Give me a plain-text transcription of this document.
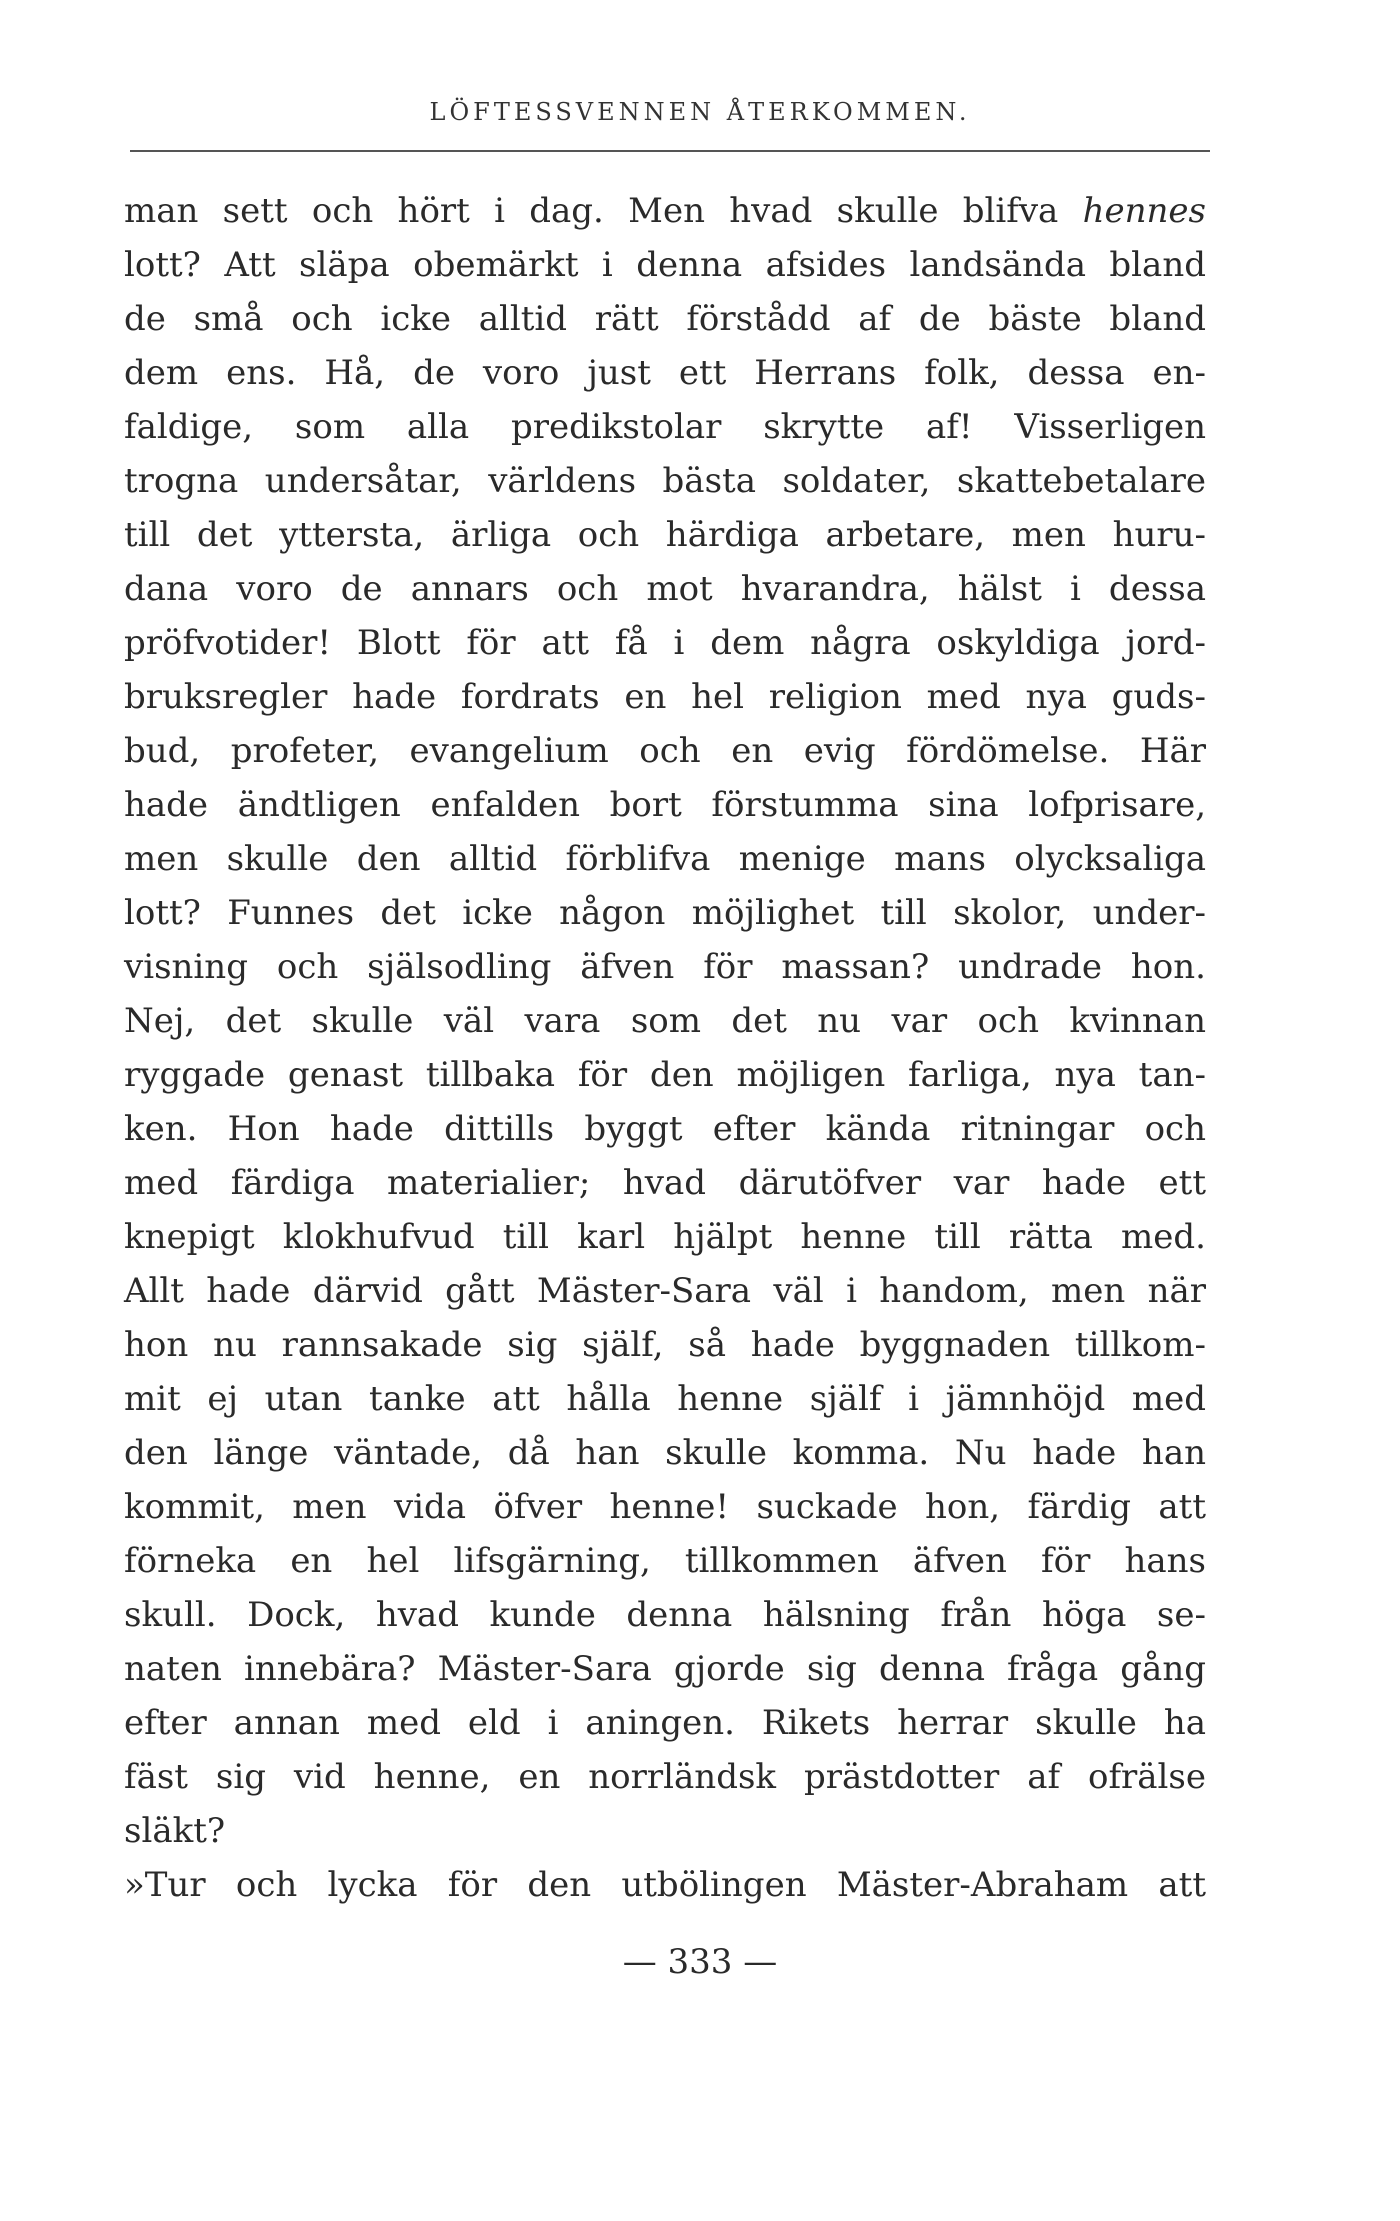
LÖFTESSVENNEN ÅTERKOMMEN.
man sett och hört i dag. Men hvad skulle blifva hennes
lott? Att släpa obemärkt i denna afsides landsända bland
de små och icke alltid rätt förstådd af de bäste bland
dem ens. Hå, de voro just ett Herrans folk, dessa en-
faldige, som alla predikstolar skrytte af! Visserligen
trogna undersåtar, världens bästa soldater, skattebetalare
till det yttersta, ärliga och härdiga arbetare, men huru-
dana voro de annars och mot hvarandra, hälst i dessa
pröfvotider! Blott för att få i dem några oskyldiga jord-
bruksregler hade fordrats en hel religion med nya guds-
bud, profeter, evangelium och en evig fördömelse. Här
hade ändtligen enfalden bort förstumma sina lofprisare,
men skulle den alltid förblifva menige mans olycksaliga
lott? Funnes det icke någon möjlighet till skolor, under-
visning och själsodling äfven för massan? undrade hon.
Nej, det skulle väl vara som det nu var och kvinnan
ryggade genast tillbaka för den möjligen farliga, nya tan-
ken. Hon hade dittills byggt efter kända ritningar och
med färdiga materialier; hvad därutöfver var hade ett
knepigt klokhufvud till karl hjälpt henne till rätta med.
Allt hade därvid gått Mäster-Sara väl i handom, men när
hon nu rannsakade sig själf, så hade byggnaden tillkom-
mit ej utan tanke att hålla henne själf i jämnhöjd med
den länge väntade, då han skulle komma. Nu hade han
kommit, men vida öfver henne! suckade hon, färdig att
förneka en hel lifsgärning, tillkommen äfven för hans
skull. Dock, hvad kunde denna hälsning från höga se-
naten innebära? Mäster-Sara gjorde sig denna fråga gång
efter annan med eld i aningen. Rikets herrar skulle ha
fäst sig vid henne, en norrländsk prästdotter af ofrälse
släkt?
»Tur och lycka för den utbölingen Mäster-Abraham att
— 333 —
